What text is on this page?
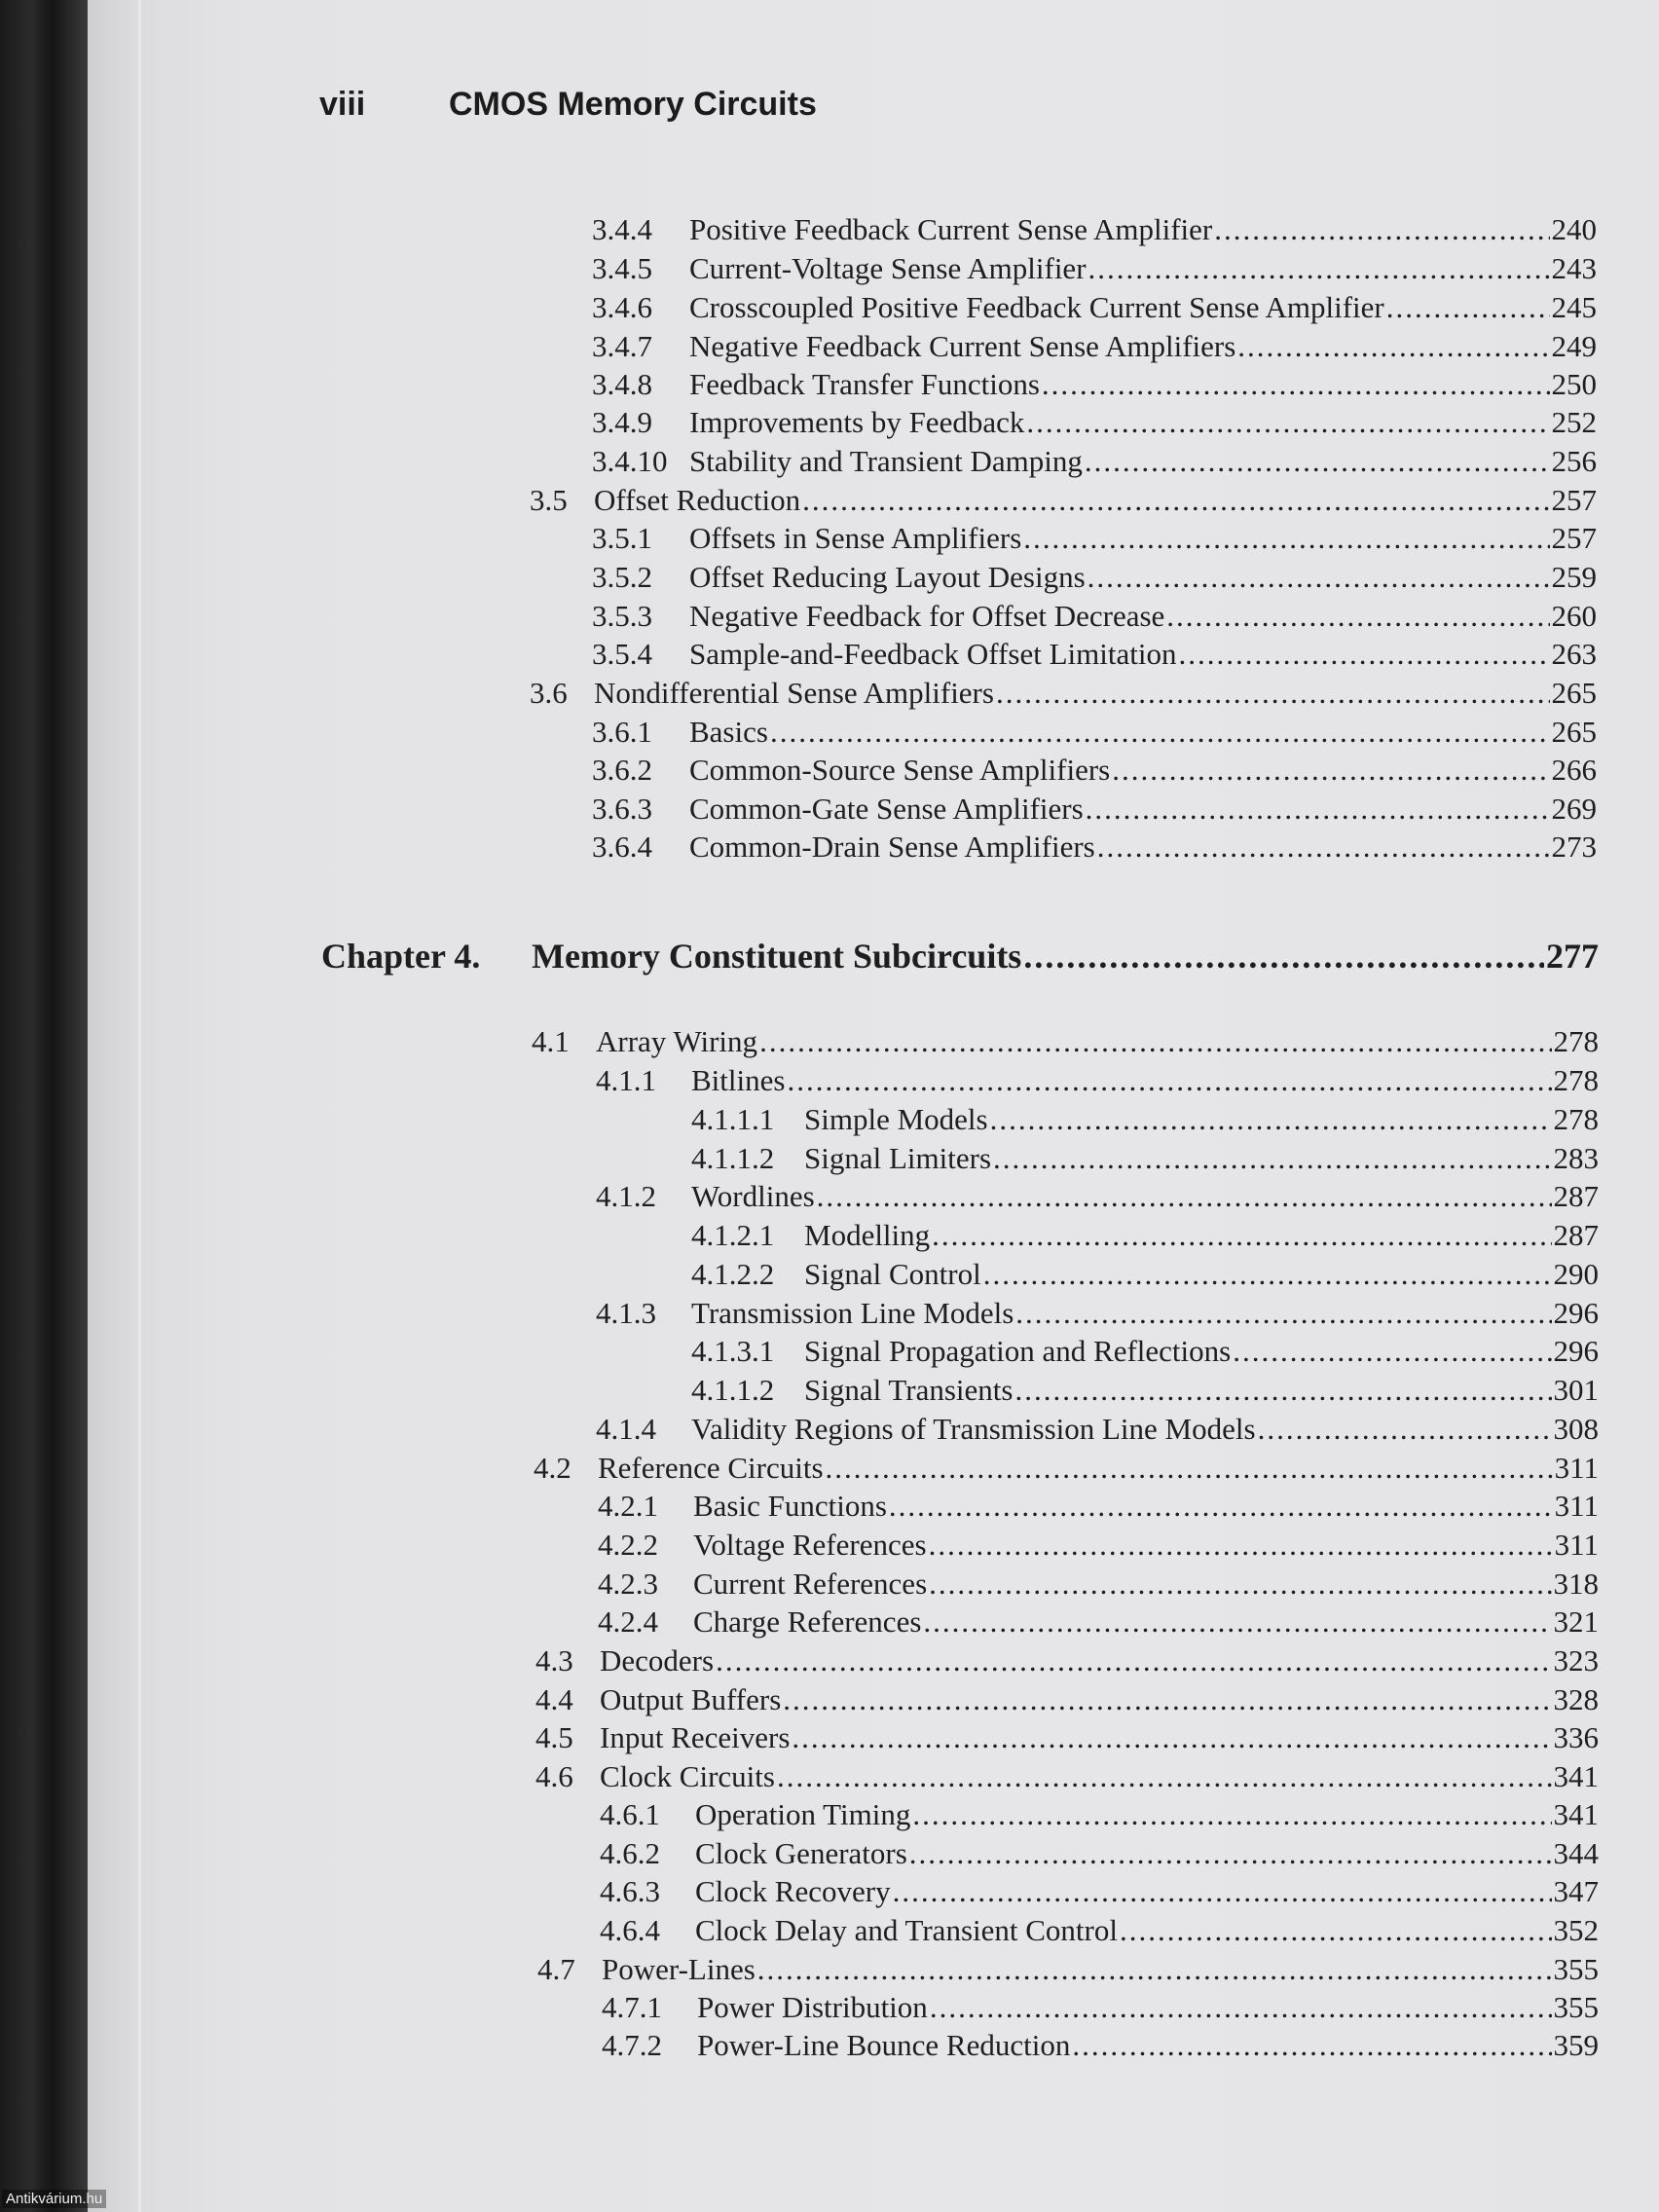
viii	CMOS Memory Circuits
3.4.4	Positive Feedback Current Sense Amplifier .....	240
3.4.5	Current-Voltage Sense Amplifier .....	243
3.4.6	Crosscoupled Positive Feedback Current Sense Amplifier .....	245
3.4.7	Negative Feedback Current Sense Amplifiers .....	249
3.4.8	Feedback Transfer Functions .....	250
3.4.9	Improvements by Feedback .....	252
3.4.10 Stability and Transient Damping .....	256
3.5 Offset Reduction .....	257
3.5.1	Offsets in Sense Amplifiers .....	257
3.5.2	Offset Reducing Layout Designs .....	259
3.5.3	Negative Feedback for Offset Decrease .....	260
3.5.4	Sample-and-Feedback Offset Limitation .....	263
3.6 Nondifferential Sense Amplifiers .....	265
3.6.1	Basics .....	265
3.6.2	Common-Source Sense Amplifiers .....	266
3.6.3	Common-Gate Sense Amplifiers .....	269
3.6.4	Common-Drain Sense Amplifiers .....	273
Chapter 4.	Memory Constituent Subcircuits .....	277
4.1 Array Wiring .....	278
4.1.1	Bitlines .....	278
4.1.1.1 Simple Models .....	278
4.1.1.2 Signal Limiters .....	283
4.1.2	Wordlines .....	287
4.1.2.1 Modelling .....	287
4.1.2.2 Signal Control .....	290
4.1.3	Transmission Line Models .....	296
4.1.3.1 Signal Propagation and Reflections .....	296
4.1.1.2 Signal Transients .....	301
4.1.4	Validity Regions of Transmission Line Models .....	308
4.2 Reference Circuits .....	311
4.2.1	Basic Functions .....	311
4.2.2	Voltage References .....	311
4.2.3	Current References .....	318
4.2.4	Charge References .....	321
4.3 Decoders .....	323
4.4 Output Buffers .....	328
4.5 Input Receivers .....	336
4.6 Clock Circuits .....	341
4.6.1	Operation Timing .....	341
4.6.2	Clock Generators .....	344
4.6.3	Clock Recovery .....	347
4.6.4	Clock Delay and Transient Control .....	352
4.7 Power-Lines .....	355
4.7.1	Power Distribution .....	355
4.7.2	Power-Line Bounce Reduction .....	359
Antikvárium.hu
